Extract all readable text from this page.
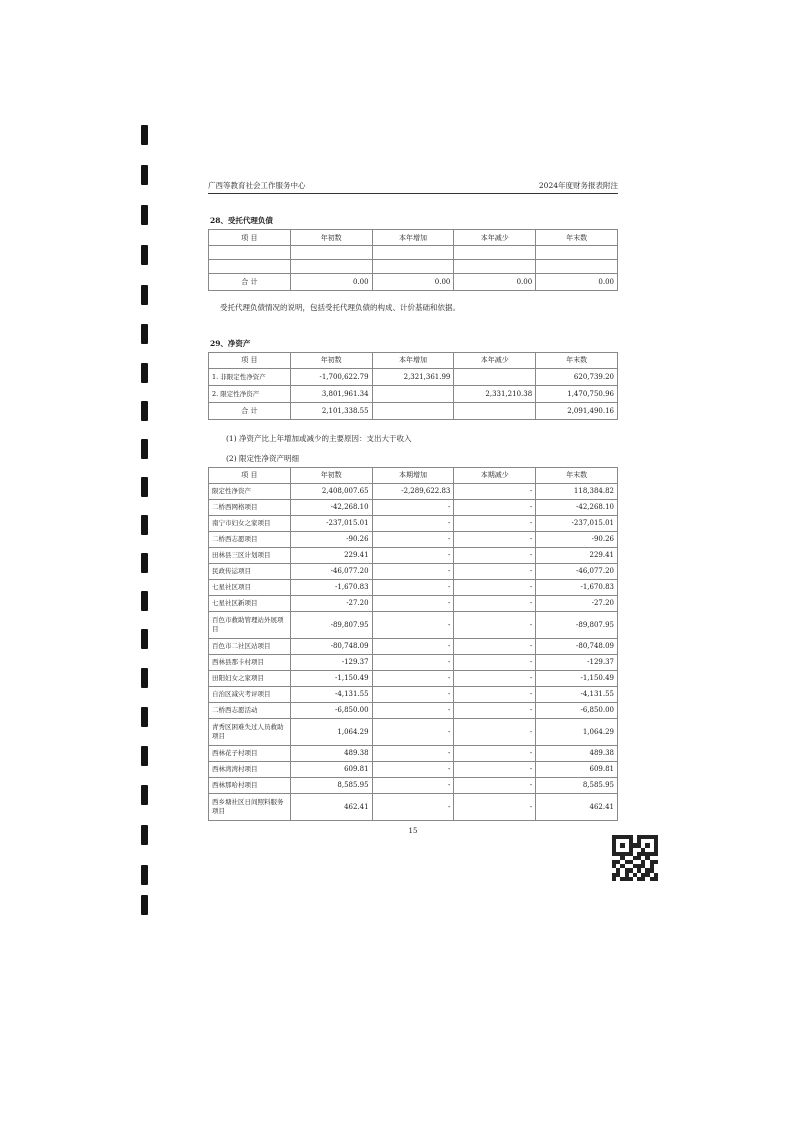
广西等教育社会工作服务中心	2024年度财务报表附注
28、受托代理负债
项 目	年初数	本年增加	本年减少	年末数

合 计	0.00	0.00	0.00	0.00
受托代理负债情况的说明，包括受托代理负债的构成、计价基础和依据。
29、净资产
项 目	年初数	本年增加	本年减少	年末数
1. 非限定性净资产	-1,700,622.79	2,321,361.99		620,739.20
2. 限定性净资产	3,801,961.34		2,331,210.38	1,470,750.96
合 计	2,101,338.55			2,091,490.16
(1) 净资产比上年增加或减少的主要原因：支出大于收入
(2) 限定性净资产明细
项 目	年初数	本期增加	本期减少	年末数
限定性净资产	2,408,007.65	-2,289,622.83	-	118,384.82
二桥西网格项目	-42,268.10	-	-	-42,268.10
南宁市妇女之家项目	-237,015.01	-	-	-237,015.01
二桥西志愿项目	-90.26	-	-	-90.26
田林县三区计划项目	229.41	-	-	229.41
民政传运项目	-46,077.20	-	-	-46,077.20
七星社区项目	-1,670.83	-	-	-1,670.83
七星社区新项目	-27.20	-	-	-27.20
百色市救助管理站外展项目	-89,807.95	-	-	-89,807.95
百色市二社区站项目	-80,748.09	-	-	-80,748.09
西林县那卡村项目	-129.37	-	-	-129.37
田阳妇女之家项目	-1,150.49	-	-	-1,150.49
自治区减灾考评项目	-4,131.55	-	-	-4,131.55
二桥西志愿活动	-6,850.00	-	-	-6,850.00
青秀区困难失过人员救助项目	1,064.29	-	-	1,064.29
西林花子村项目	489.38	-	-	489.38
西林湾湾村项目	609.81	-	-	609.81
西林那哈村项目	8,585.95	-	-	8,585.95
西乡塘社区日间照料服务项目	462.41	-	-	462.41
15
